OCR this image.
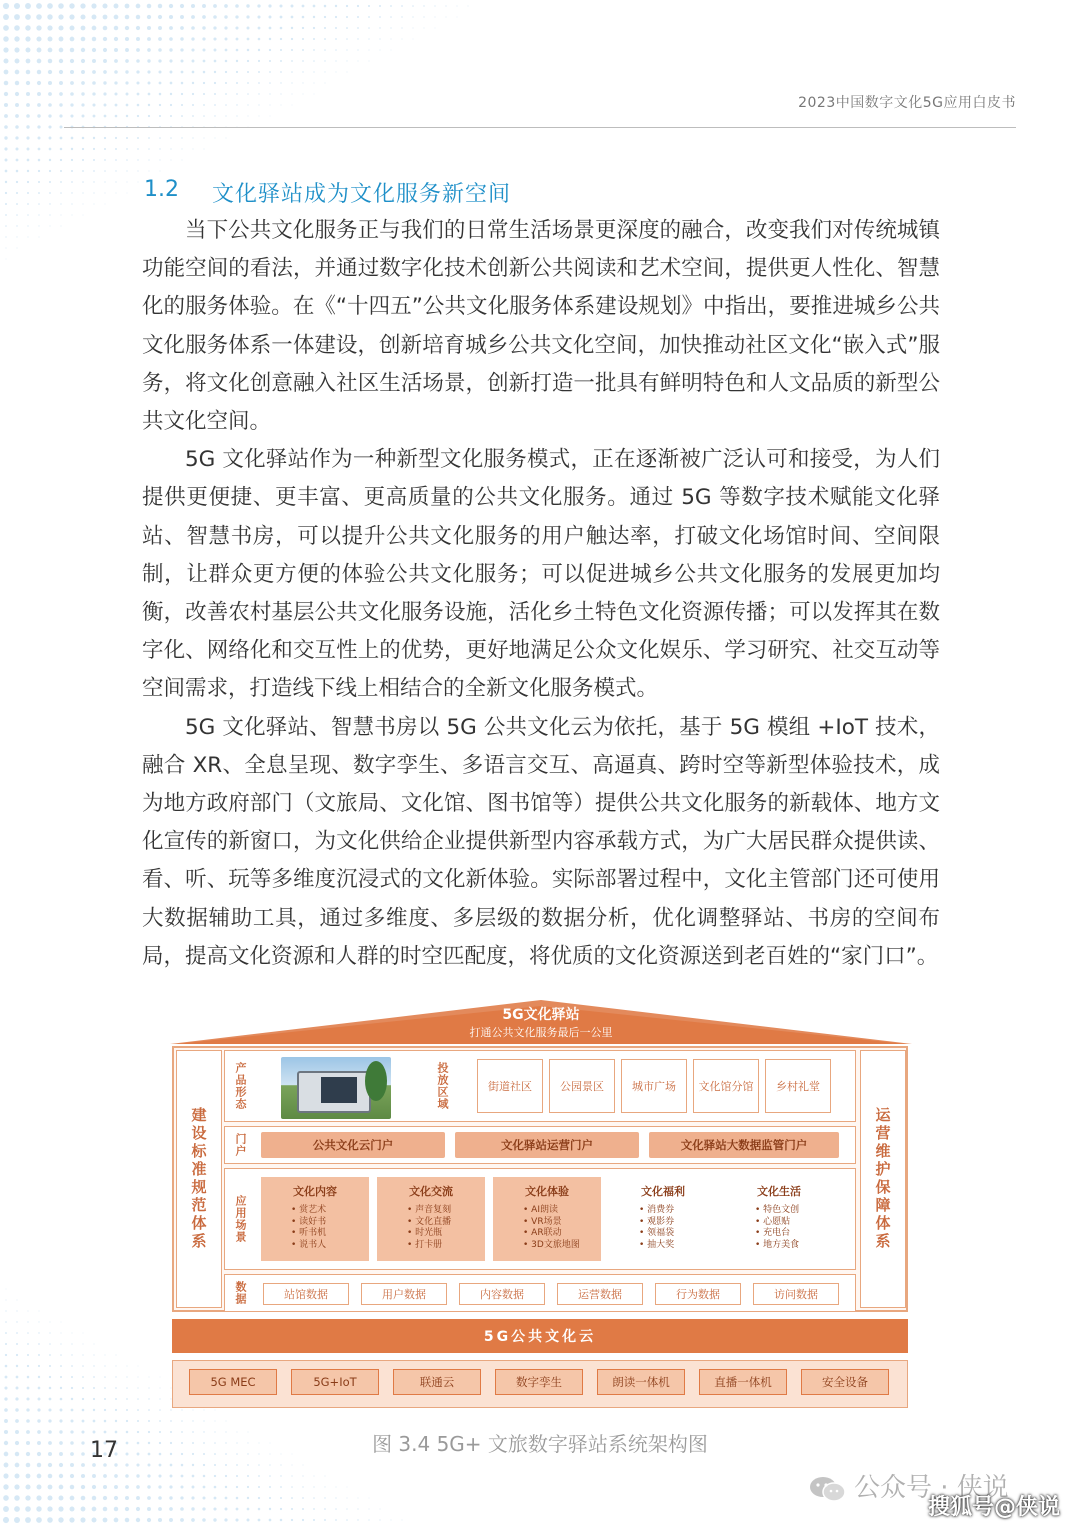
2023中国数字文化5G应用白皮书
1.2 文化驿站成为文化服务新空间

当下公共文化服务正与我们的日常生活场景更深度的融合，改变我们对传统城镇功能空间的看法，并通过数字化技术创新公共阅读和艺术空间，提供更人性化、智慧化的服务体验。在《“十四五”公共文化服务体系建设规划》中指出，要推进城乡公共文化服务体系一体建设，创新培育城乡公共文化空间，加快推动社区文化“嵌入式”服务，将文化创意融入社区生活场景，创新打造一批具有鲜明特色和人文品质的新型公共文化空间。

5G 文化驿站作为一种新型文化服务模式，正在逐渐被广泛认可和接受，为人们提供更便捷、更丰富、更高质量的公共文化服务。通过 5G 等数字技术赋能文化驿站、智慧书房，可以提升公共文化服务的用户触达率，打破文化场馆时间、空间限制，让群众更方便的体验公共文化服务；可以促进城乡公共文化服务的发展更加均衡，改善农村基层公共文化服务设施，活化乡土特色文化资源传播；可以发挥其在数字化、网络化和交互性上的优势，更好地满足公众文化娱乐、学习研究、社交互动等空间需求，打造线下线上相结合的全新文化服务模式。

5G 文化驿站、智慧书房以 5G 公共文化云为依托，基于 5G 模组 +IoT 技术，融合 XR、全息呈现、数字孪生、多语言交互、高逼真、跨时空等新型体验技术，成为地方政府部门（文旅局、文化馆、图书馆等）提供公共文化服务的新载体、地方文化宣传的新窗口，为文化供给企业提供新型内容承载方式，为广大居民群众提供读、看、听、玩等多维度沉浸式的文化新体验。实际部署过程中，文化主管部门还可使用大数据辅助工具，通过多维度、多层级的数据分析，优化调整驿站、书房的空间布局，提高文化资源和人群的时空匹配度，将优质的文化资源送到老百姓的“家门口”。

5G文化驿站
打通公共文化服务最后一公里
建设标准规范体系	运营维护保障体系
产品形态	投放区域	街道社区	公园景区	城市广场	文化馆分馆	乡村礼堂
门户	公共文化云门户	文化驿站运营门户	文化驿站大数据监管门户
应用场景
文化内容
• 赏艺术
• 读好书
• 听书机
• 说书人
文化交流
• 声音复刻
• 文化直播
• 时光瓶
• 打卡册
文化体验
• AI朗读
• VR场景
• AR联动
• 3D文旅地图
文化福利
• 消费券
• 观影券
• 领福袋
• 抽大奖
文化生活
• 特色文创
• 心愿贴
• 充电台
• 地方美食
数据	站馆数据	用户数据	内容数据	运营数据	行为数据	访问数据
5G公共文化云
5G MEC	5G+IoT	联通云	数字孪生	朗读一体机	直播一体机	安全设备
图 3.4 5G+ 文旅数字驿站系统架构图
17
公众号 · 侠说
搜狐号@侠说
